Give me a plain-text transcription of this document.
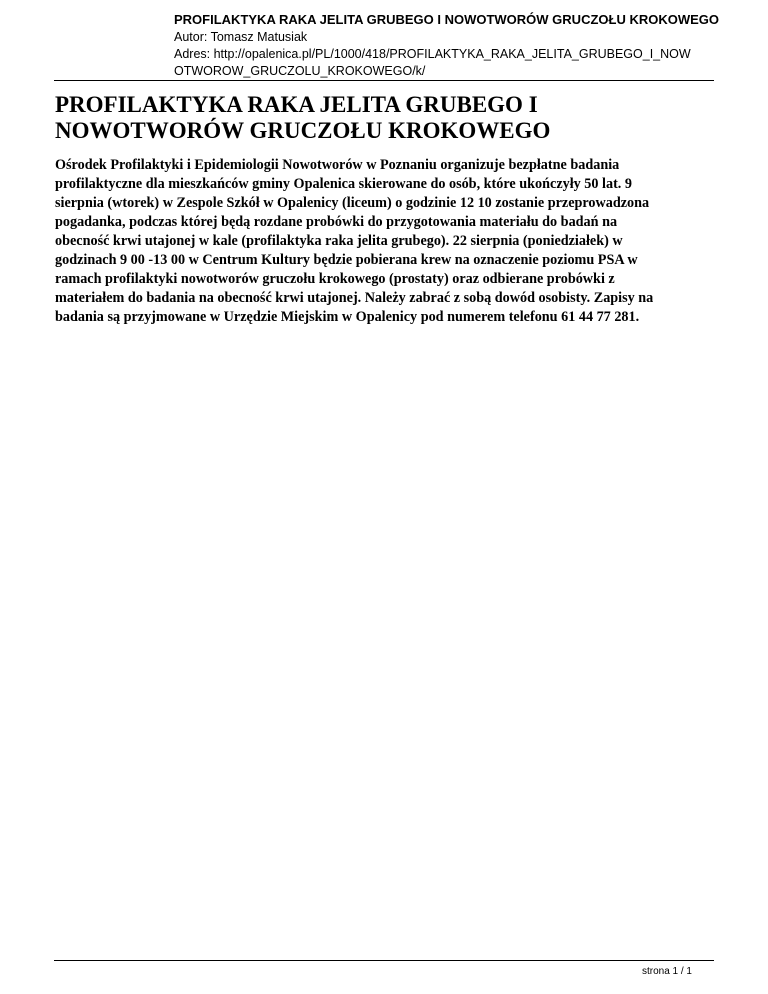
PROFILAKTYKA RAKA JELITA GRUBEGO I NOWOTWORÓW GRUCZOŁU KROKOWEGO
Autor: Tomasz Matusiak
Adres: http://opalenica.pl/PL/1000/418/PROFILAKTYKA_RAKA_JELITA_GRUBEGO_I_NOW
OTWOROW_GRUCZOLU_KROKOWEGO/k/
PROFILAKTYKA RAKA JELITA GRUBEGO I
NOWOTWORÓW GRUCZOŁU KROKOWEGO

Ośrodek Profilaktyki i Epidemiologii Nowotworów w Poznaniu organizuje bezpłatne badania
profilaktyczne dla mieszkańców gminy Opalenica skierowane do osób, które ukończyły 50 lat. 9
sierpnia (wtorek) w Zespole Szkół w Opalenicy (liceum) o godzinie 12 10 zostanie przeprowadzona
pogadanka, podczas której będą rozdane probówki do przygotowania materiału do badań na
obecność krwi utajonej w kale (profilaktyka raka jelita grubego). 22 sierpnia (poniedziałek) w
godzinach 9 00 -13 00 w Centrum Kultury będzie pobierana krew na oznaczenie poziomu PSA w
ramach profilaktyki nowotworów gruczołu krokowego (prostaty) oraz odbierane probówki z
materiałem do badania na obecność krwi utajonej. Należy zabrać z sobą dowód osobisty. Zapisy na
badania są przyjmowane w Urzędzie Miejskim w Opalenicy pod numerem telefonu 61 44 77 281.

strona 1 / 1
